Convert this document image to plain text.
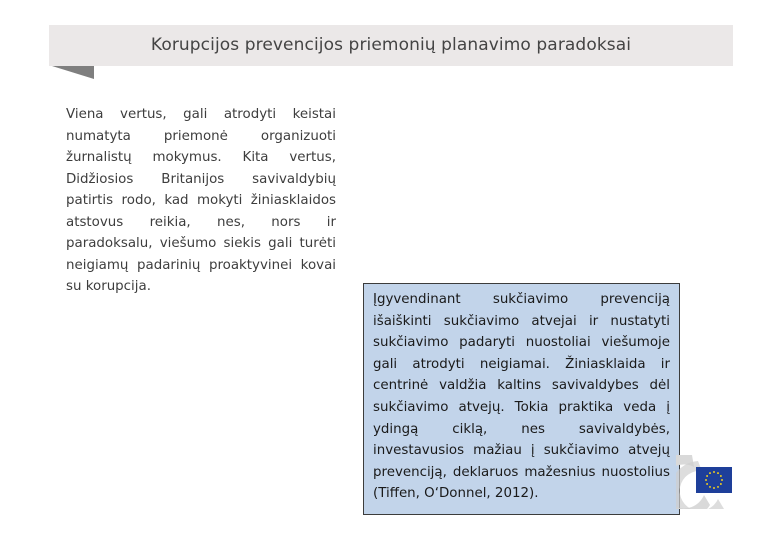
Korupcijos prevencijos priemonių planavimo paradoksai
Viena vertus, gali atrodyti keistai numatyta priemonė organizuoti žurnalistų mokymus. Kita vertus, Didžiosios Britanijos savivaldybių patirtis rodo, kad mokyti žiniasklaidos atstovus reikia, nes, nors ir paradoksalu, viešumo siekis gali turėti neigiamų padarinių proaktyvinei kovai su korupcija.
Įgyvendinant sukčiavimo prevenciją išaiškinti sukčiavimo atvejai ir nustatyti sukčiavimo padaryti nuostoliai viešumoje gali atrodyti neigiamai. Žiniasklaida ir centrinė valdžia kaltins savivaldybes dėl sukčiavimo atvejų. Tokia praktika veda į ydingą ciklą, nes savivaldybės, investavusios mažiau į sukčiavimo atvejų prevenciją, deklaruos mažesnius nuostolius (Tiffen, O‘Donnel, 2012).
